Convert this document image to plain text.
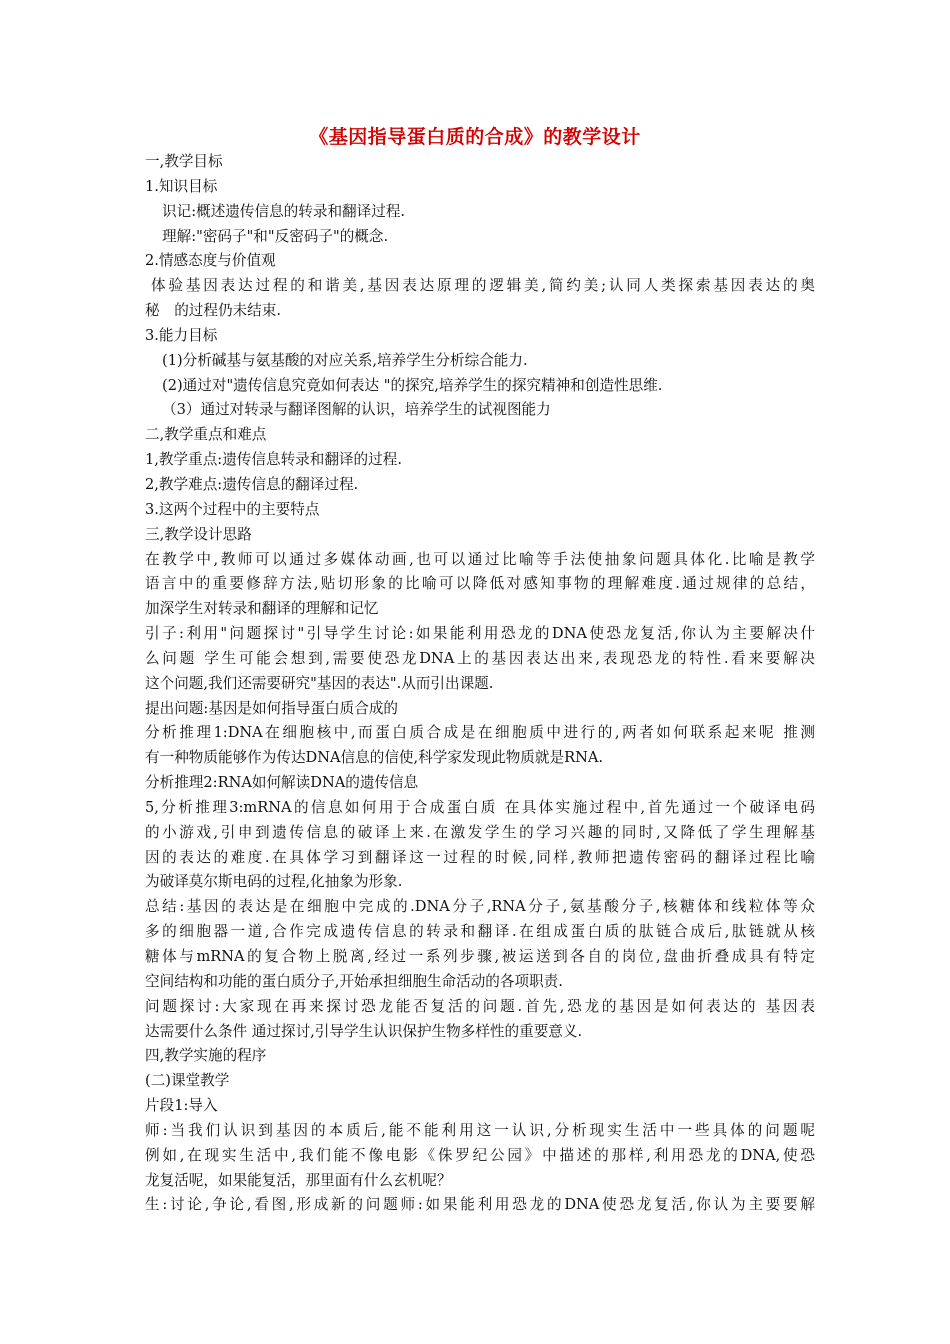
《基因指导蛋白质的合成》的教学设计
一,教学目标
1.知识目标
识记:概述遗传信息的转录和翻译过程.
理解:"密码子"和"反密码子"的概念.
2.情感态度与价值观
体验基因表达过程的和谐美,基因表达原理的逻辑美,简约美;认同人类探索基因表达的奥
秘　的过程仍未结束.
3.能力目标
(1)分析碱基与氨基酸的对应关系,培养学生分析综合能力.
(2)通过对"遗传信息究竟如何表达 "的探究,培养学生的探究精神和创造性思维.
（3）通过对转录与翻译图解的认识，培养学生的试视图能力
二,教学重点和难点
1,教学重点:遗传信息转录和翻译的过程.
2,教学难点:遗传信息的翻译过程.
3.这两个过程中的主要特点
三,教学设计思路
在教学中,教师可以通过多媒体动画,也可以通过比喻等手法使抽象问题具体化.比喻是教学
语言中的重要修辞方法,贴切形象的比喻可以降低对感知事物的理解难度.通过规律的总结，
加深学生对转录和翻译的理解和记忆
引子:利用"问题探讨"引导学生讨论:如果能利用恐龙的DNA使恐龙复活,你认为主要解决什
么问题 学生可能会想到,需要使恐龙DNA上的基因表达出来,表现恐龙的特性.看来要解决
这个问题,我们还需要研究"基因的表达".从而引出课题.
提出问题:基因是如何指导蛋白质合成的
分析推理1:DNA在细胞核中,而蛋白质合成是在细胞质中进行的,两者如何联系起来呢 推测
有一种物质能够作为传达DNA信息的信使,科学家发现此物质就是RNA.
分析推理2:RNA如何解读DNA的遗传信息
5,分析推理3:mRNA的信息如何用于合成蛋白质 在具体实施过程中,首先通过一个破译电码
的小游戏,引申到遗传信息的破译上来.在激发学生的学习兴趣的同时,又降低了学生理解基
因的表达的难度.在具体学习到翻译这一过程的时候,同样,教师把遗传密码的翻译过程比喻
为破译莫尔斯电码的过程,化抽象为形象.
总结:基因的表达是在细胞中完成的.DNA分子,RNA分子,氨基酸分子,核糖体和线粒体等众
多的细胞器一道,合作完成遗传信息的转录和翻译.在组成蛋白质的肽链合成后,肽链就从核
糖体与mRNA的复合物上脱离,经过一系列步骤,被运送到各自的岗位,盘曲折叠成具有特定
空间结构和功能的蛋白质分子,开始承担细胞生命活动的各项职责.
问题探讨:大家现在再来探讨恐龙能否复活的问题.首先,恐龙的基因是如何表达的 基因表
达需要什么条件 通过探讨,引导学生认识保护生物多样性的重要意义.
四,教学实施的程序
(二)课堂教学
片段1:导入
师:当我们认识到基因的本质后,能不能利用这一认识,分析现实生活中一些具体的问题呢
例如,在现实生活中,我们能不像电影《侏罗纪公园》中描述的那样,利用恐龙的DNA,使恐
龙复活呢，如果能复活，那里面有什么玄机呢？
生:讨论,争论,看图,形成新的问题师:如果能利用恐龙的DNA使恐龙复活,你认为主要要解
